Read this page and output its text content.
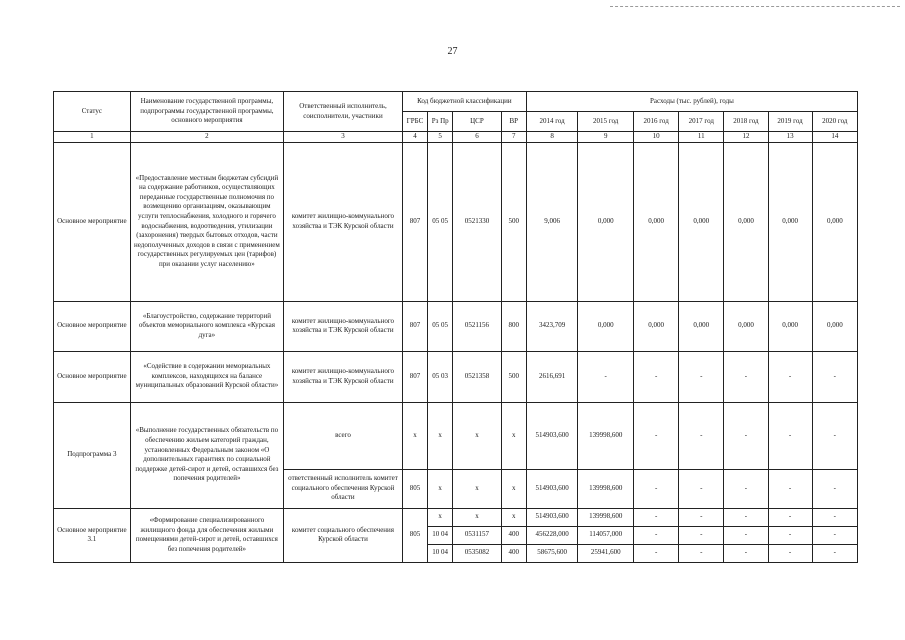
27
Статус	Наименование государственной программы, подпрограммы государственной программы, основного мероприятия	Ответственный исполнитель, соисполнители, участники	Код бюджетной классификации				Расходы (тыс. рублей), годы						
			ГРБС	Рз Пр	ЦСР	ВР	2014 год	2015 год	2016 год	2017 год	2018 год	2019 год	2020 год
1	2	3	4	5	6	7	8	9	10	11	12	13	14
Основное мероприятие	«Предоставление местным бюджетам субсидий на содержание работников, осуществляющих переданные государственные полномочия по возмещению организациям, оказывающим услуги теплоснабжения, холодного и горячего водоснабжения, водоотведения, утилизации (захоронения) твердых бытовых отходов, части недополученных доходов в связи с применением государственных регулируемых цен (тарифов) при оказании услуг населению»	комитет жилищно-коммунального хозяйства и ТЭК Курской области	807	05 05	0521330	500	9,006	0,000	0,000	0,000	0,000	0,000	0,000
Основное мероприятие	«Благоустройство, содержание территорий объектов мемориального комплекса «Курская дуга»	комитет жилищно-коммунального хозяйства и ТЭК Курской области	807	05 05	0521156	800	3423,709	0,000	0,000	0,000	0,000	0,000	0,000
Основное мероприятие	«Содействие в содержании мемориальных комплексов, находящихся на балансе муниципальных образований Курской области»	комитет жилищно-коммунального хозяйства и ТЭК Курской области	807	05 03	0521358	500	2616,691	-	-	-	-	-	-
Подпрограмма 3	«Выполнение государственных обязательств по обеспечению жильем категорий граждан, установленных Федеральным законом «О дополнительных гарантиях по социальной поддержке детей-сирот и детей, оставшихся без попечения родителей»	всего	x	x	x	x	514903,600	139998,600	-	-	-	-	-
		ответственный исполнитель комитет социального обеспечения Курской области	805	x	x	x	514903,600	139998,600	-	-	-	-	-
Основное мероприятие 3.1	«Формирование специализированного жилищного фонда для обеспечения жилыми помещениями детей-сирот и детей, оставшихся без попечения родителей»	комитет социального обеспечения Курской области	805	x	x	x	514903,600	139998,600	-	-	-	-	-
				10 04	0531157	400	456228,000	114057,000	-	-	-	-	-
				10 04	0535082	400	58675,600	25941,600	-	-	-	-	-
